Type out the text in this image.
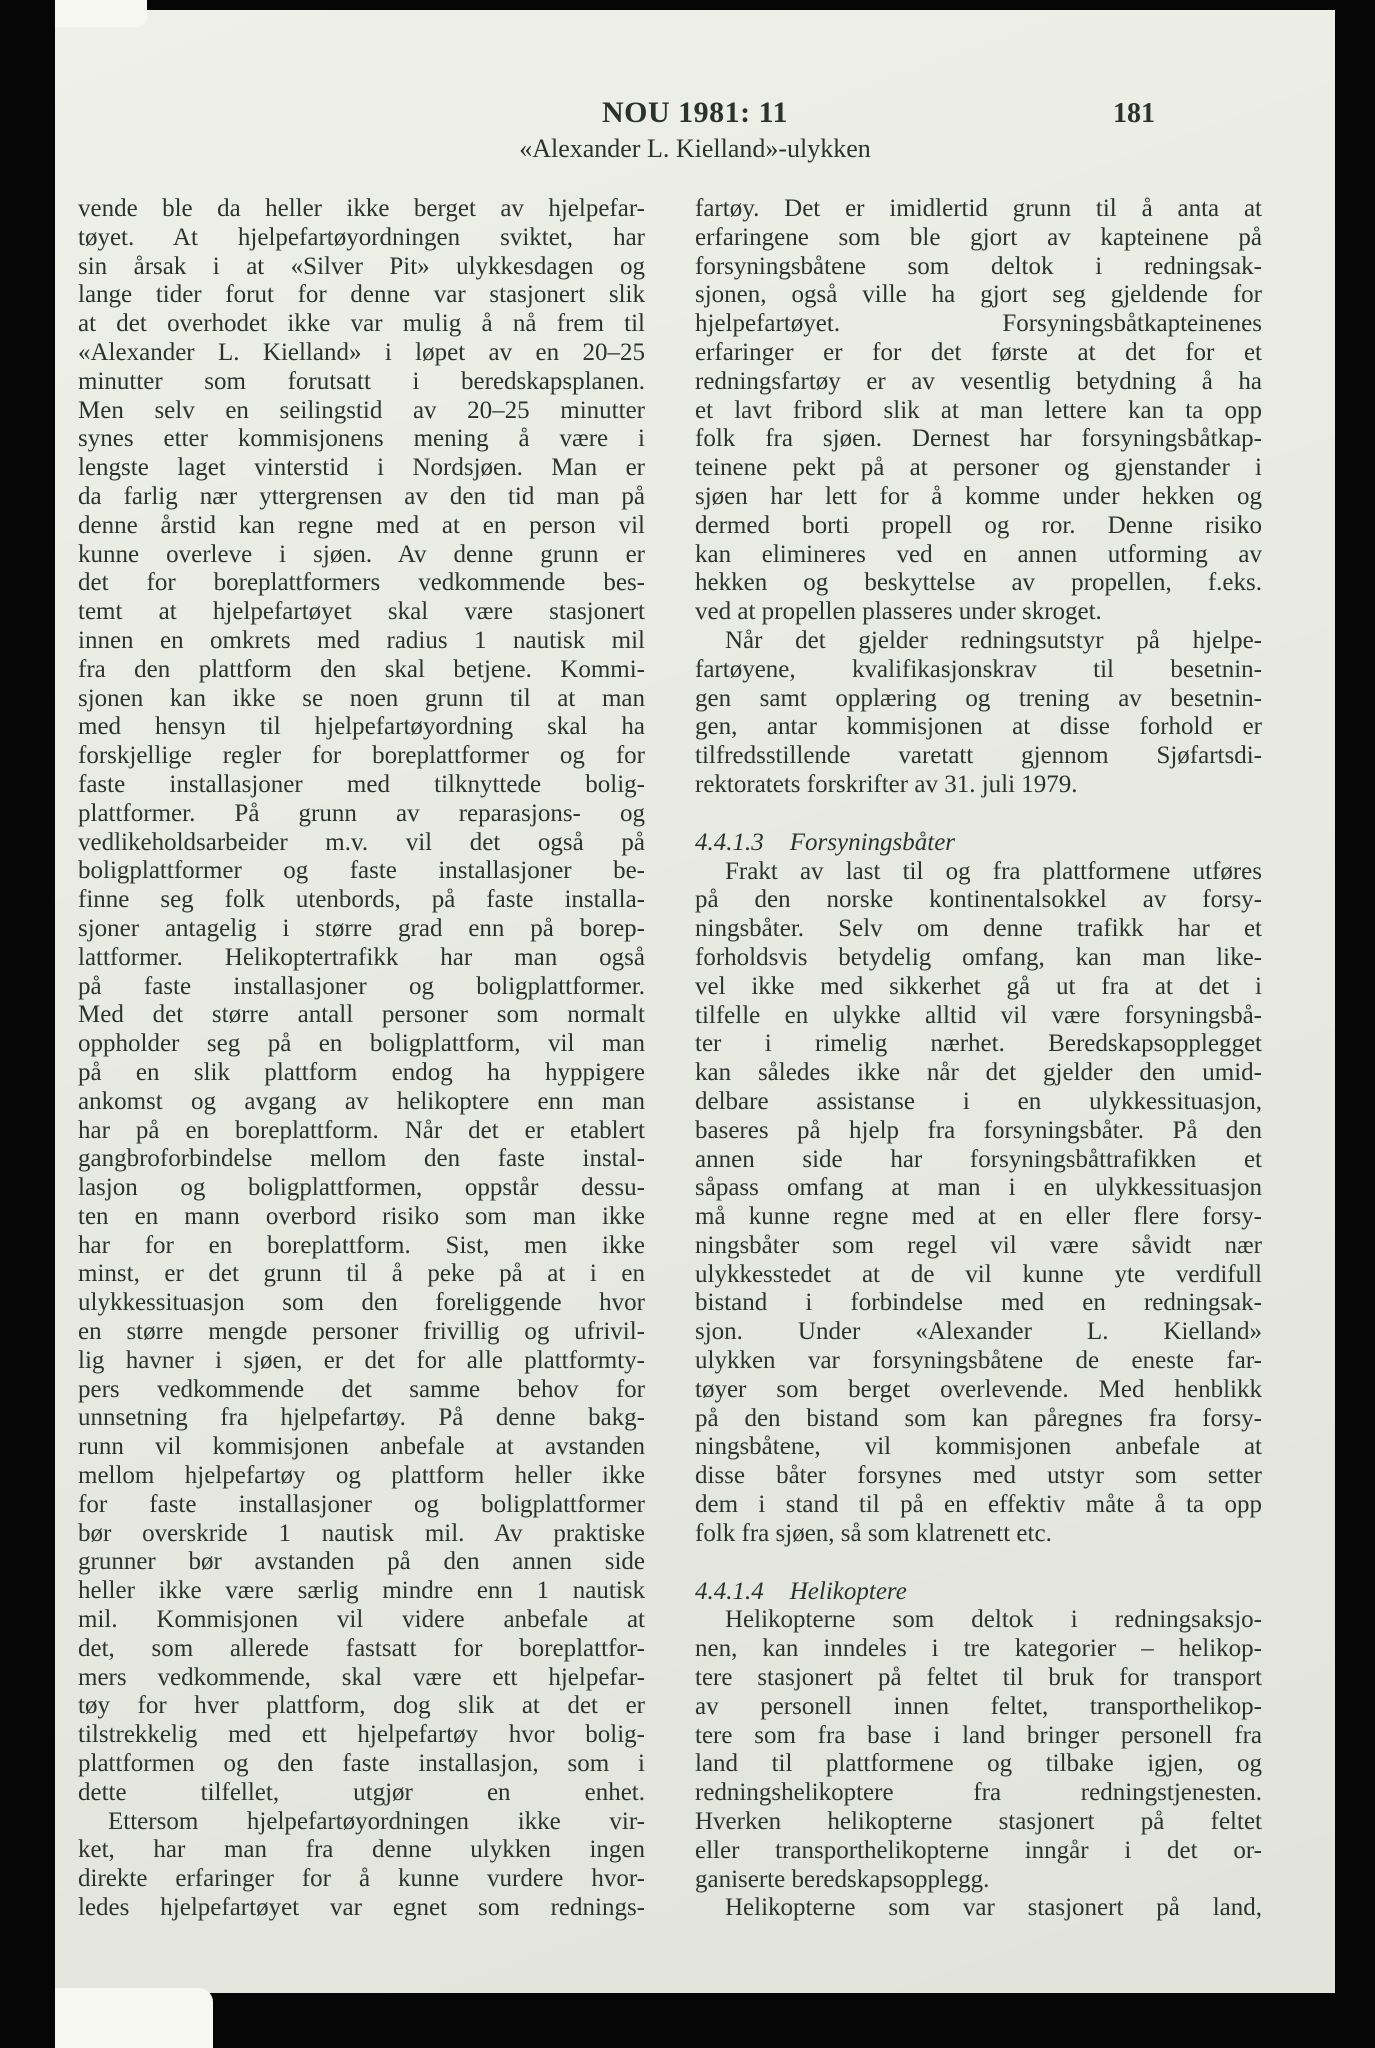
NOU 1981: 11
«Alexander L. Kielland»-ulykken
181
vende ble da heller ikke berget av hjelpefar-
tøyet. At hjelpefartøyordningen sviktet, har
sin årsak i at «Silver Pit» ulykkesdagen og
lange tider forut for denne var stasjonert slik
at det overhodet ikke var mulig å nå frem til
«Alexander L. Kielland» i løpet av en 20–25
minutter som forutsatt i beredskapsplanen.
Men selv en seilingstid av 20–25 minutter
synes etter kommisjonens mening å være i
lengste laget vinterstid i Nordsjøen. Man er
da farlig nær yttergrensen av den tid man på
denne årstid kan regne med at en person vil
kunne overleve i sjøen. Av denne grunn er
det for boreplattformers vedkommende bes-
temt at hjelpefartøyet skal være stasjonert
innen en omkrets med radius 1 nautisk mil
fra den plattform den skal betjene. Kommi-
sjonen kan ikke se noen grunn til at man
med hensyn til hjelpefartøyordning skal ha
forskjellige regler for boreplattformer og for
faste installasjoner med tilknyttede bolig-
plattformer. På grunn av reparasjons- og
vedlikeholdsarbeider m.v. vil det også på
boligplattformer og faste installasjoner be-
finne seg folk utenbords, på faste installa-
sjoner antagelig i større grad enn på borep-
lattformer. Helikoptertrafikk har man også
på faste installasjoner og boligplattformer.
Med det større antall personer som normalt
oppholder seg på en boligplattform, vil man
på en slik plattform endog ha hyppigere
ankomst og avgang av helikoptere enn man
har på en boreplattform. Når det er etablert
gangbroforbindelse mellom den faste instal-
lasjon og boligplattformen, oppstår dessu-
ten en mann overbord risiko som man ikke
har for en boreplattform. Sist, men ikke
minst, er det grunn til å peke på at i en
ulykkessituasjon som den foreliggende hvor
en større mengde personer frivillig og ufrivil-
lig havner i sjøen, er det for alle plattformty-
pers vedkommende det samme behov for
unnsetning fra hjelpefartøy. På denne bakg-
runn vil kommisjonen anbefale at avstanden
mellom hjelpefartøy og plattform heller ikke
for faste installasjoner og boligplattformer
bør overskride 1 nautisk mil. Av praktiske
grunner bør avstanden på den annen side
heller ikke være særlig mindre enn 1 nautisk
mil. Kommisjonen vil videre anbefale at
det, som allerede fastsatt for boreplattfor-
mers vedkommende, skal være ett hjelpefar-
tøy for hver plattform, dog slik at det er
tilstrekkelig med ett hjelpefartøy hvor bolig-
plattformen og den faste installasjon, som i
dette tilfellet, utgjør en enhet.
Ettersom hjelpefartøyordningen ikke vir-
ket, har man fra denne ulykken ingen
direkte erfaringer for å kunne vurdere hvor-
ledes hjelpefartøyet var egnet som rednings-
fartøy. Det er imidlertid grunn til å anta at
erfaringene som ble gjort av kapteinene på
forsyningsbåtene som deltok i redningsak-
sjonen, også ville ha gjort seg gjeldende for
hjelpefartøyet. Forsyningsbåtkapteinenes
erfaringer er for det første at det for et
redningsfartøy er av vesentlig betydning å ha
et lavt fribord slik at man lettere kan ta opp
folk fra sjøen. Dernest har forsyningsbåtkap-
teinene pekt på at personer og gjenstander i
sjøen har lett for å komme under hekken og
dermed borti propell og ror. Denne risiko
kan elimineres ved en annen utforming av
hekken og beskyttelse av propellen, f.eks.
ved at propellen plasseres under skroget.
Når det gjelder redningsutstyr på hjelpe-
fartøyene, kvalifikasjonskrav til besetnin-
gen samt opplæring og trening av besetnin-
gen, antar kommisjonen at disse forhold er
tilfredsstillende varetatt gjennom Sjøfartsdi-
rektoratets forskrifter av 31. juli 1979.
4.4.1.3 Forsyningsbåter
Frakt av last til og fra plattformene utføres
på den norske kontinentalsokkel av forsy-
ningsbåter. Selv om denne trafikk har et
forholdsvis betydelig omfang, kan man like-
vel ikke med sikkerhet gå ut fra at det i
tilfelle en ulykke alltid vil være forsyningsbå-
ter i rimelig nærhet. Beredskapsopplegget
kan således ikke når det gjelder den umid-
delbare assistanse i en ulykkessituasjon,
baseres på hjelp fra forsyningsbåter. På den
annen side har forsyningsbåttrafikken et
såpass omfang at man i en ulykkessituasjon
må kunne regne med at en eller flere forsy-
ningsbåter som regel vil være såvidt nær
ulykkesstedet at de vil kunne yte verdifull
bistand i forbindelse med en redningsak-
sjon. Under «Alexander L. Kielland»
ulykken var forsyningsbåtene de eneste far-
tøyer som berget overlevende. Med henblikk
på den bistand som kan påregnes fra forsy-
ningsbåtene, vil kommisjonen anbefale at
disse båter forsynes med utstyr som setter
dem i stand til på en effektiv måte å ta opp
folk fra sjøen, så som klatrenett etc.
4.4.1.4 Helikoptere
Helikopterne som deltok i redningsaksjo-
nen, kan inndeles i tre kategorier – helikop-
tere stasjonert på feltet til bruk for transport
av personell innen feltet, transporthelikop-
tere som fra base i land bringer personell fra
land til plattformene og tilbake igjen, og
redningshelikoptere fra redningstjenesten.
Hverken helikopterne stasjonert på feltet
eller transporthelikopterne inngår i det or-
ganiserte beredskapsopplegg.
Helikopterne som var stasjonert på land,
